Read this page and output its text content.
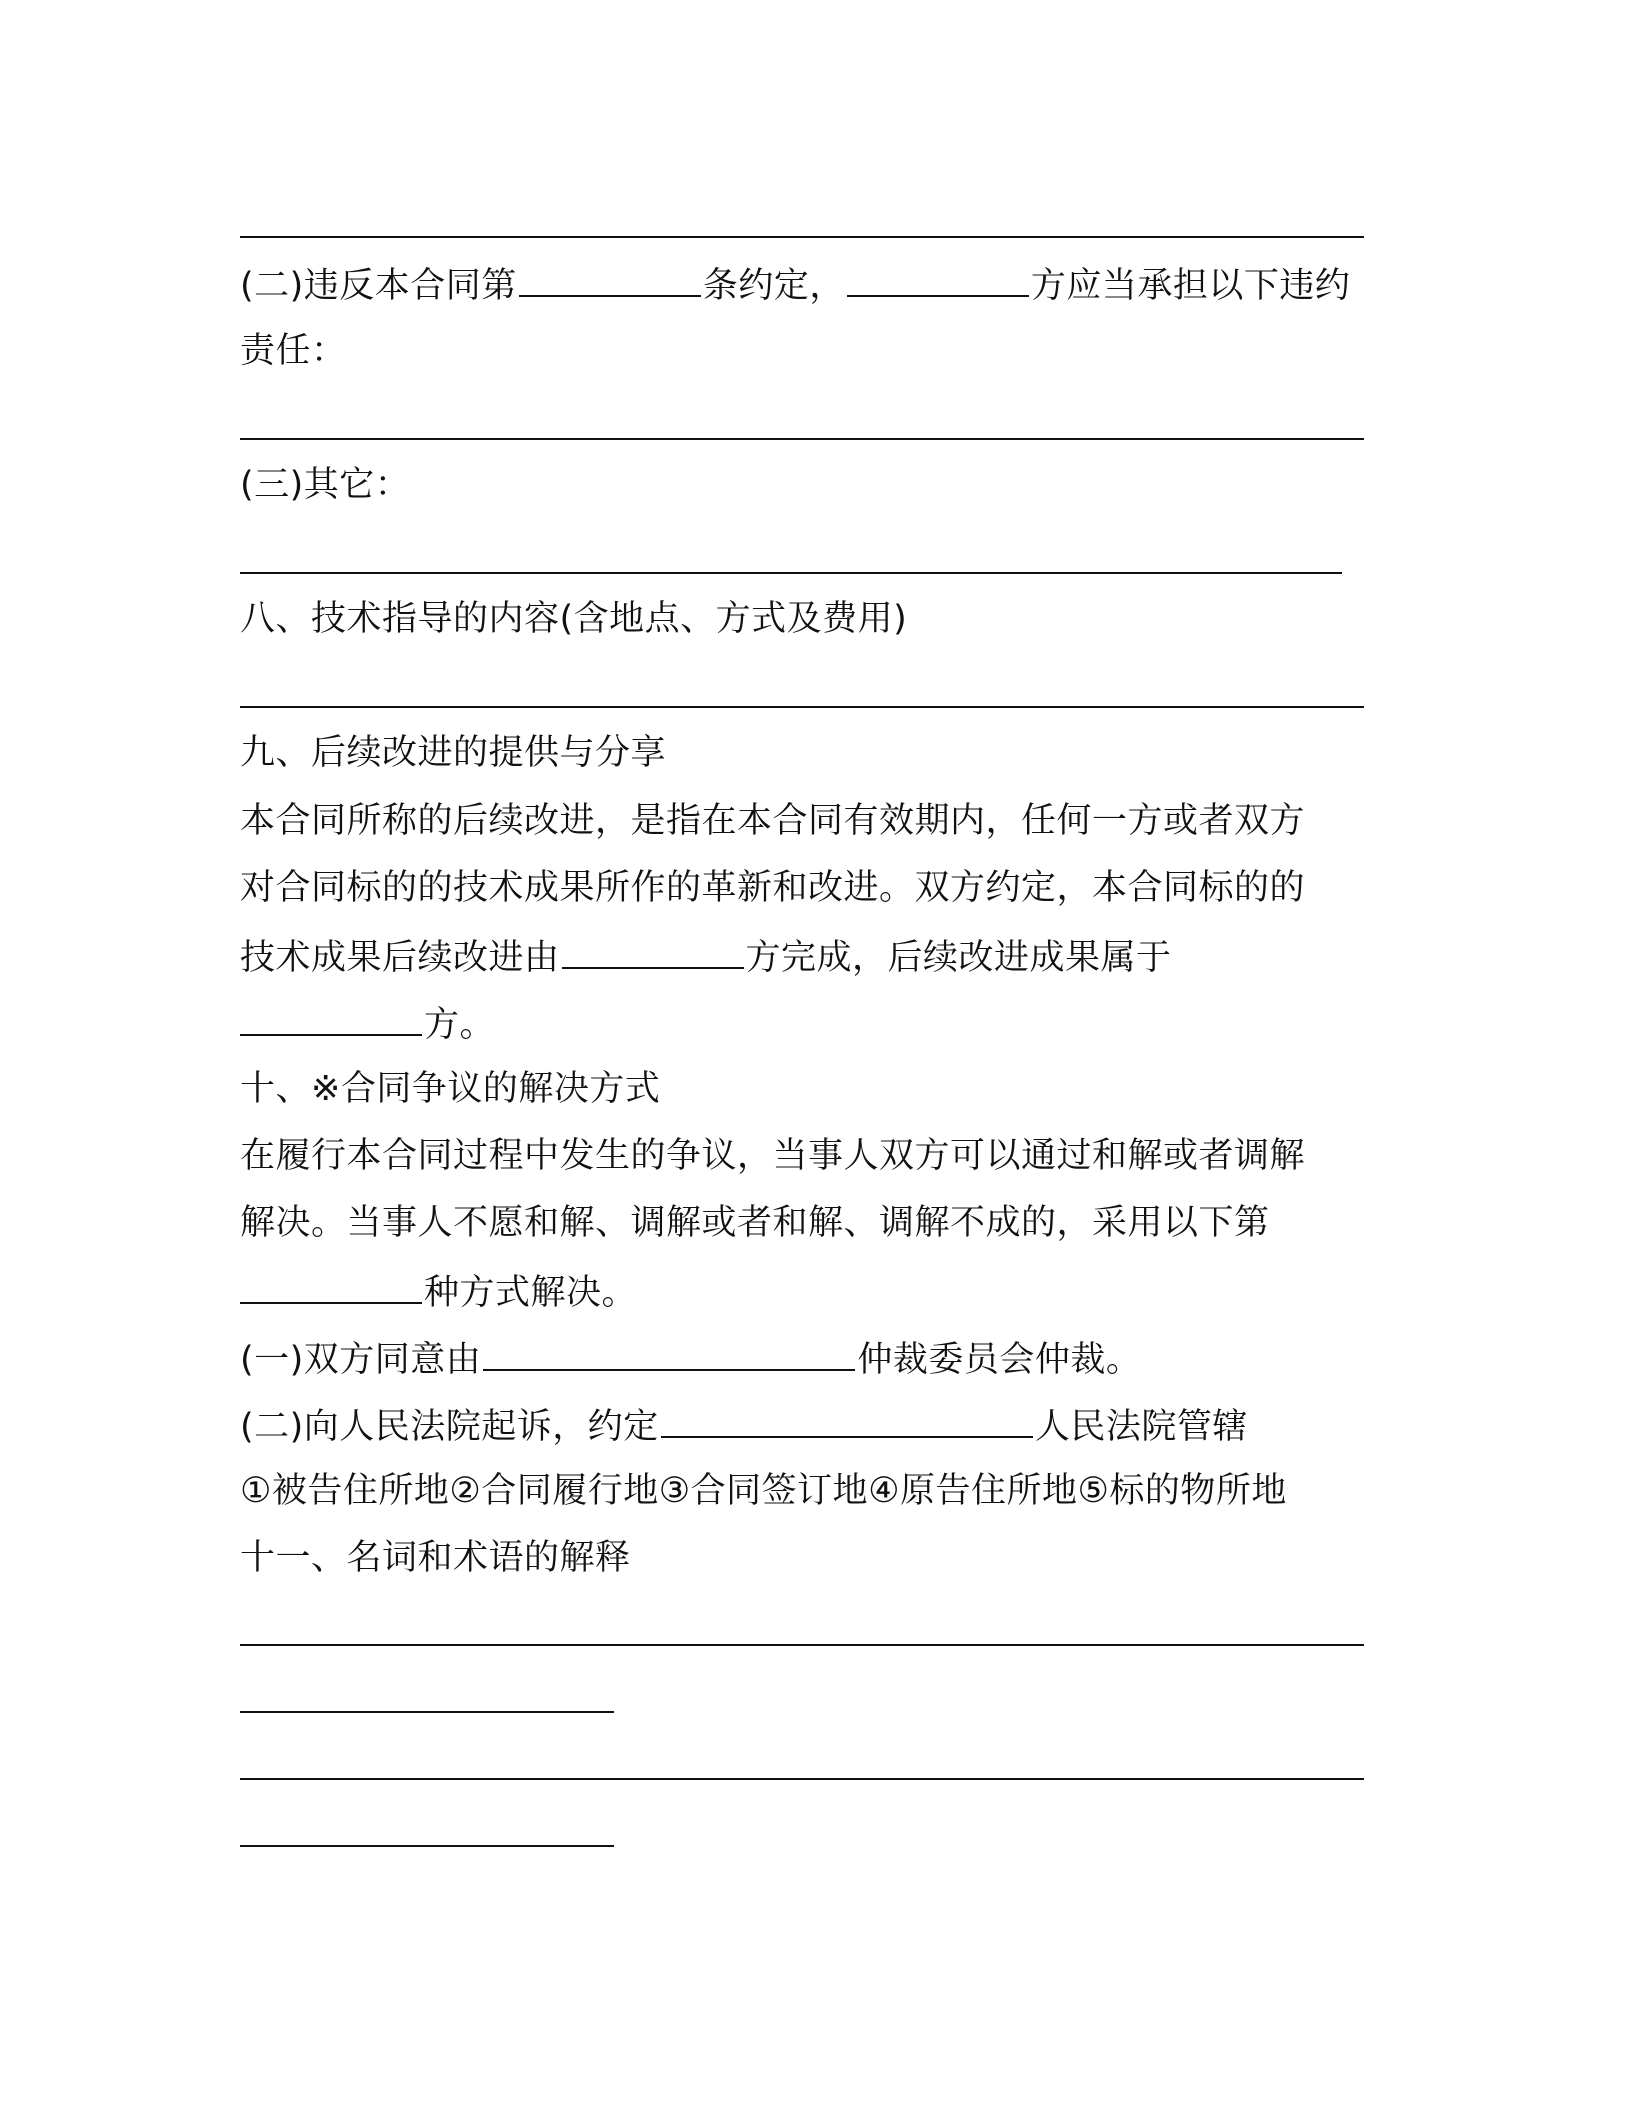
(二)违反本合同第	条约定，	方应当承担以下违约
责任：
(三)其它：
八、技术指导的内容(含地点、方式及费用)
九、后续改进的提供与分享
本合同所称的后续改进，是指在本合同有效期内，任何一方或者双方
对合同标的的技术成果所作的革新和改进。双方约定，本合同标的的
技术成果后续改进由	方完成，后续改进成果属于
方。
十、※合同争议的解决方式
在履行本合同过程中发生的争议，当事人双方可以通过和解或者调解
解决。当事人不愿和解、调解或者和解、调解不成的，采用以下第
种方式解决。
(一)双方同意由	仲裁委员会仲裁。
(二)向人民法院起诉，约定	人民法院管辖
①被告住所地②合同履行地③合同签订地④原告住所地⑤标的物所地
十一、名词和术语的解释
